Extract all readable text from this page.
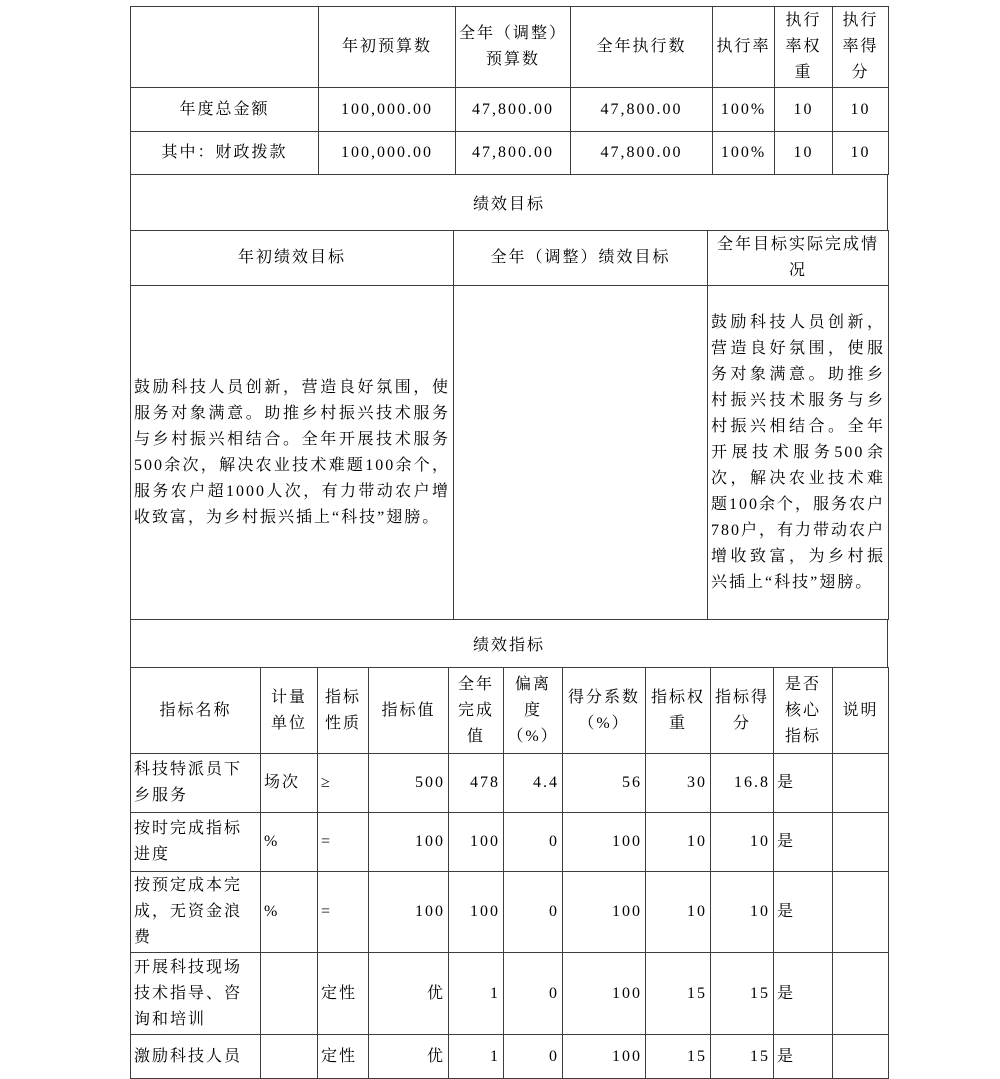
	年初预算数	全年（调整）预算数	全年执行数	执行率	执行率权重	执行率得分
年度总金额	100,000.00	47,800.00	47,800.00	100%	10	10
其中：财政拨款	100,000.00	47,800.00	47,800.00	100%	10	10
绩效目标
年初绩效目标	全年（调整）绩效目标	全年目标实际完成情况
鼓励科技人员创新，营造良好氛围，使服务对象满意。助推乡村振兴技术服务与乡村振兴相结合。全年开展技术服务500余次，解决农业技术难题100余个，服务农户超1000人次，有力带动农户增收致富，为乡村振兴插上“科技”翅膀。		鼓励科技人员创新，营造良好氛围，使服务对象满意。助推乡村振兴技术服务与乡村振兴相结合。全年开展技术服务500余次，解决农业技术难题100余个，服务农户780户，有力带动农户增收致富，为乡村振兴插上“科技”翅膀。
绩效指标
指标名称	计量单位	指标性质	指标值	全年完成值	偏离度（%）	得分系数（%）	指标权重	指标得分	是否核心指标	说明
科技特派员下乡服务	场次	≥	500	478	4.4	56	30	16.8	是	
按时完成指标进度	%	=	100	100	0	100	10	10	是	
按预定成本完成，无资金浪费	%	=	100	100	0	100	10	10	是	
开展科技现场技术指导、咨询和培训		定性	优	1	0	100	15	15	是	
激励科技人员		定性	优	1	0	100	15	15	是	
